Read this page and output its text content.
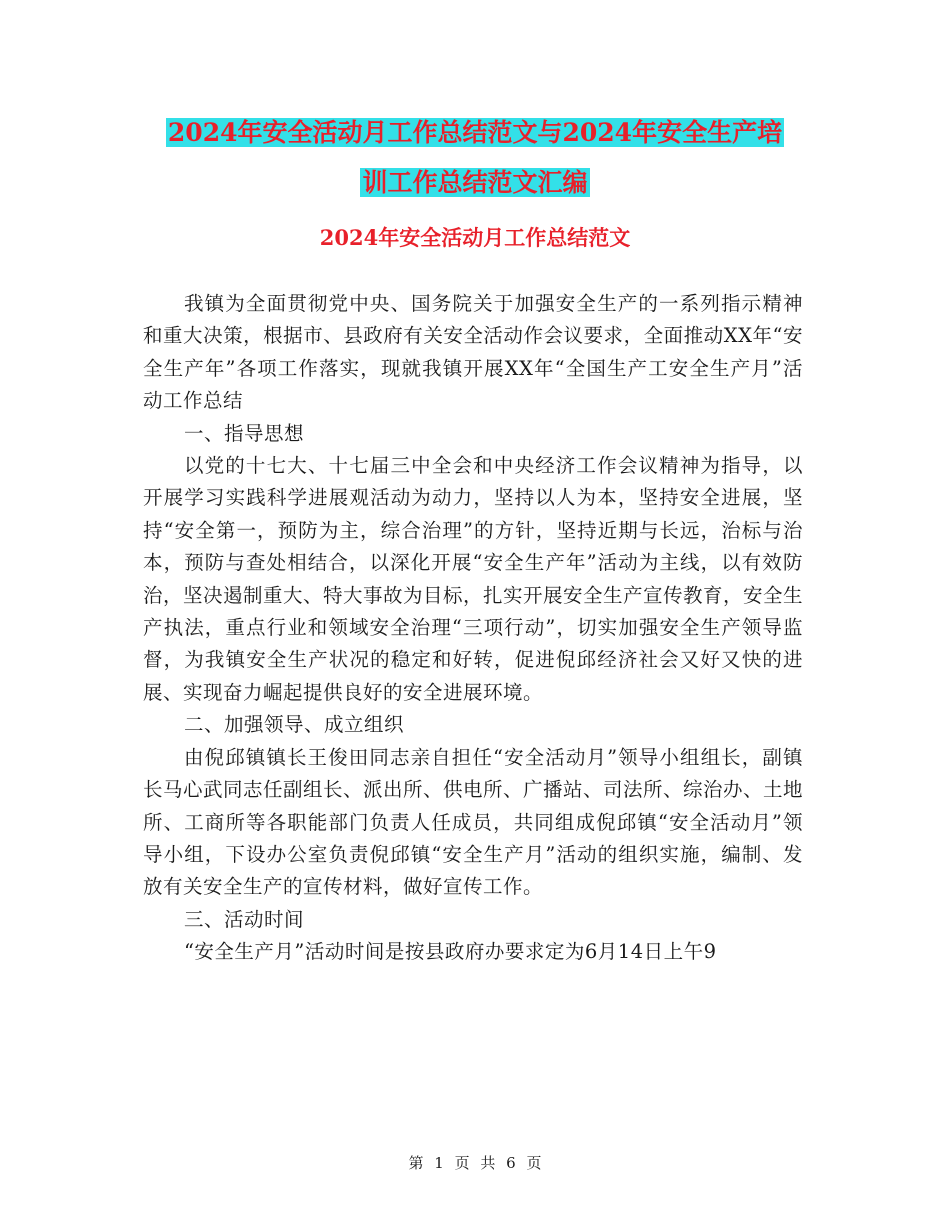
2024年安全活动月工作总结范文与2024年安全生产培
训工作总结范文汇编
2024年安全活动月工作总结范文

我镇为全面贯彻党中央、国务院关于加强安全生产的一系列指示精神和重大决策，根据市、县政府有关安全活动作会议要求，全面推动XX年“安全生产年”各项工作落实，现就我镇开展XX年“全国生产工安全生产月”活动工作总结

一、指导思想

以党的十七大、十七届三中全会和中央经济工作会议精神为指导，以开展学习实践科学进展观活动为动力，坚持以人为本，坚持安全进展，坚持“安全第一，预防为主，综合治理”的方针，坚持近期与长远，治标与治本，预防与查处相结合，以深化开展“安全生产年”活动为主线，以有效防治，坚决遏制重大、特大事故为目标，扎实开展安全生产宣传教育，安全生产执法，重点行业和领域安全治理“三项行动”，切实加强安全生产领导监督，为我镇安全生产状况的稳定和好转，促进倪邱经济社会又好又快的进展、实现奋力崛起提供良好的安全进展环境。

二、加强领导、成立组织

由倪邱镇镇长王俊田同志亲自担任“安全活动月”领导小组组长，副镇长马心武同志任副组长、派出所、供电所、广播站、司法所、综治办、土地所、工商所等各职能部门负责人任成员，共同组成倪邱镇“安全活动月”领导小组，下设办公室负责倪邱镇“安全生产月”活动的组织实施，编制、发放有关安全生产的宣传材料，做好宣传工作。

三、活动时间

“安全生产月”活动时间是按县政府办要求定为6月14日上午9

第 1 页 共 6 页
